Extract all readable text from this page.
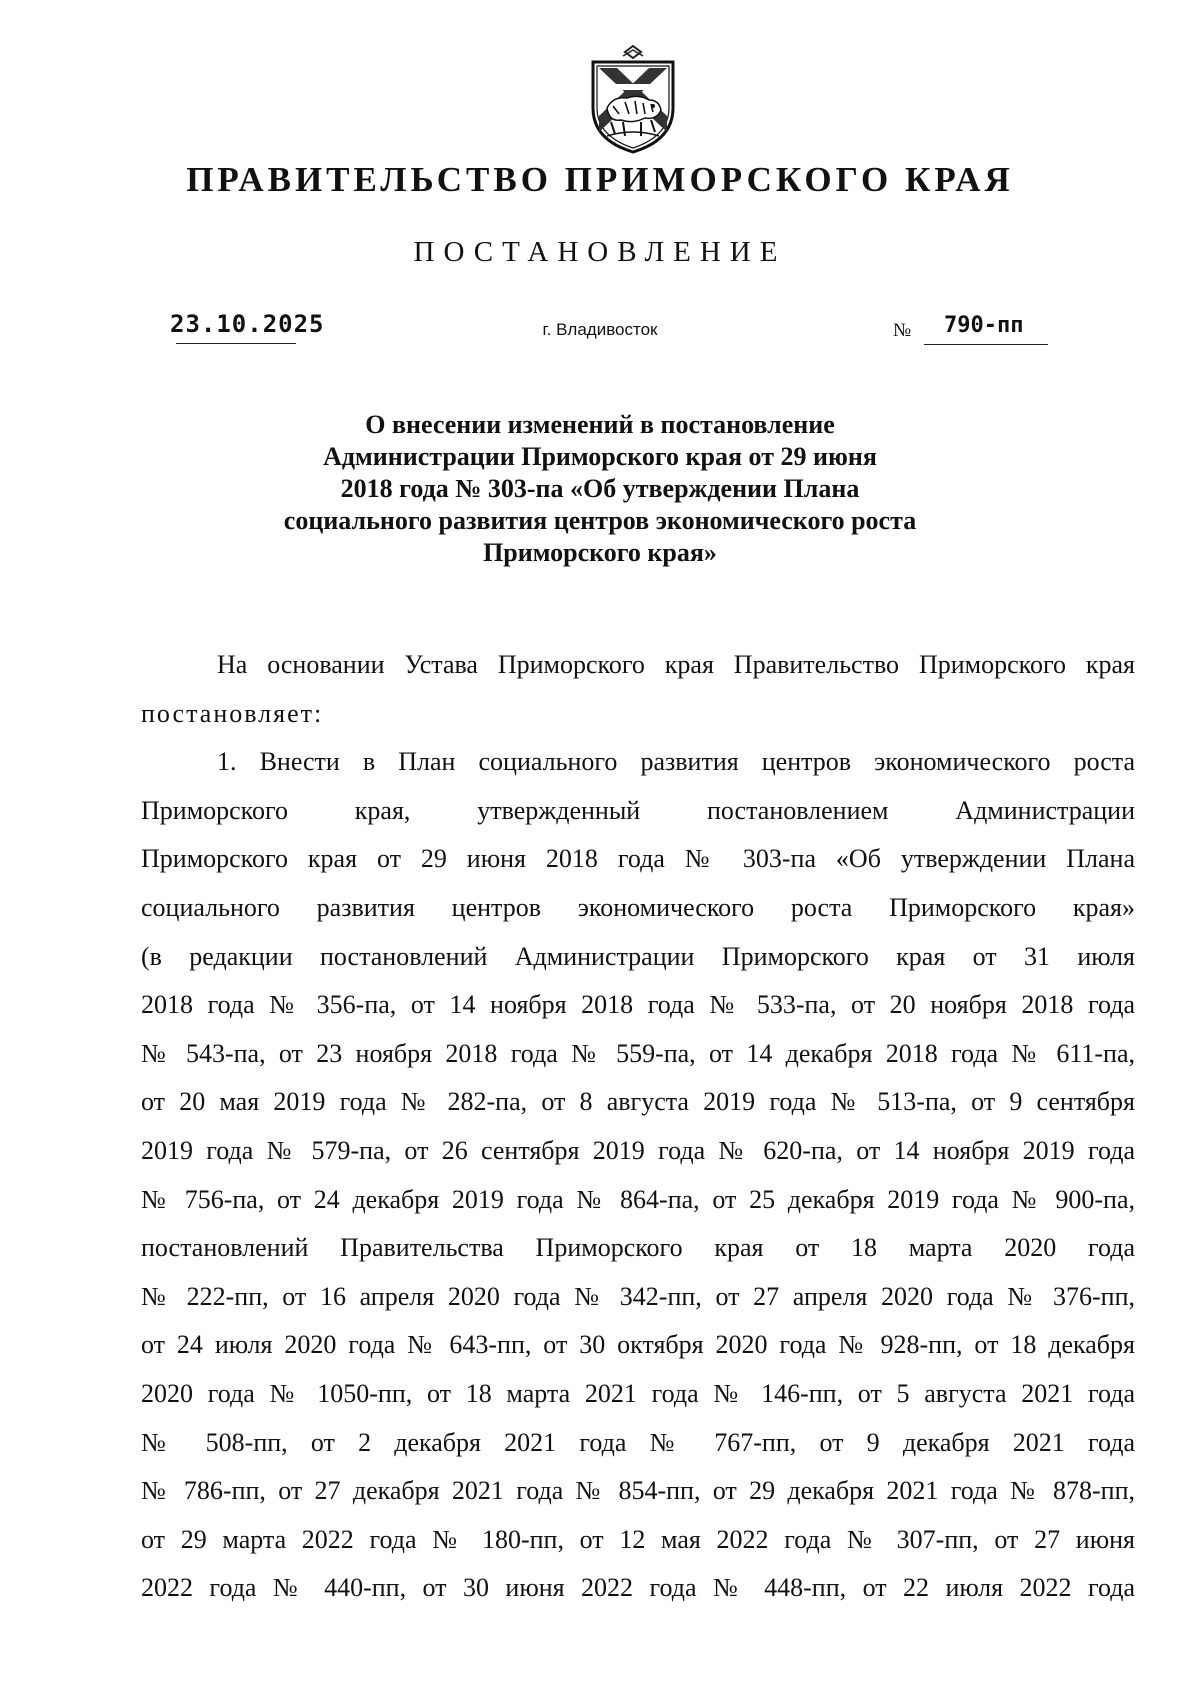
ПРАВИТЕЛЬСТВО ПРИМОРСКОГО КРАЯ
ПОСТАНОВЛЕНИЕ
23.10.2025	г. Владивосток	№ 790-пп
О внесении изменений в постановление
Администрации Приморского края от 29 июня
2018 года № 303-па «Об утверждении Плана
социального развития центров экономического роста
Приморского края»
На основании Устава Приморского края Правительство Приморского края
постановляет:
1. Внести в План социального развития центров экономического роста
Приморского края, утвержденный постановлением Администрации
Приморского края от 29 июня 2018 года № 303-па «Об утверждении Плана
социального развития центров экономического роста Приморского края»
(в редакции постановлений Администрации Приморского края от 31 июля
2018 года № 356-па, от 14 ноября 2018 года № 533-па, от 20 ноября 2018 года
№ 543-па, от 23 ноября 2018 года № 559-па, от 14 декабря 2018 года № 611-па,
от 20 мая 2019 года № 282-па, от 8 августа 2019 года № 513-па, от 9 сентября
2019 года № 579-па, от 26 сентября 2019 года № 620-па, от 14 ноября 2019 года
№ 756-па, от 24 декабря 2019 года № 864-па, от 25 декабря 2019 года № 900-па,
постановлений Правительства Приморского края от 18 марта 2020 года
№ 222-пп, от 16 апреля 2020 года № 342-пп, от 27 апреля 2020 года № 376-пп,
от 24 июля 2020 года № 643-пп, от 30 октября 2020 года № 928-пп, от 18 декабря
2020 года № 1050-пп, от 18 марта 2021 года № 146-пп, от 5 августа 2021 года
№ 508-пп, от 2 декабря 2021 года № 767-пп, от 9 декабря 2021 года
№ 786-пп, от 27 декабря 2021 года № 854-пп, от 29 декабря 2021 года № 878-пп,
от 29 марта 2022 года № 180-пп, от 12 мая 2022 года № 307-пп, от 27 июня
2022 года № 440-пп, от 30 июня 2022 года № 448-пп, от 22 июля 2022 года
